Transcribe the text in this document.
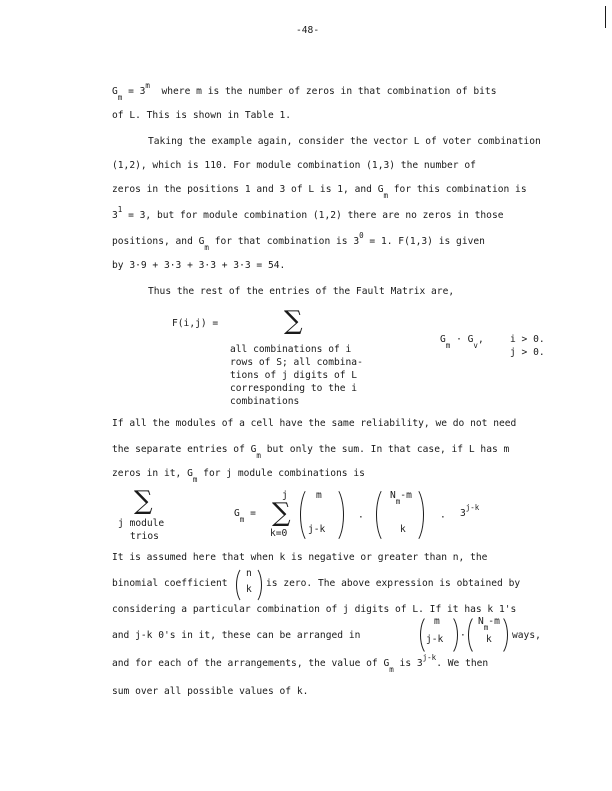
-48-
$G_m = 3^m$  where m is the number of zeros in that combination of bits
of L. This is shown in Table 1.
Taking the example again, consider the vector L of voter combination
(1,2), which is 110. For module combination (1,3) the number of
zeros in the positions 1 and 3 of L is 1, and $G_m$ for this combination is
$3^1 = 3$, but for module combination (1,2) there are no zeros in those
positions, and $G_m$ for that combination is $3^0 = 1$. F(1,3) is given
by 3·9 + 3·3 + 3·3 + 3·3 = 54.
Thus the rest of the entries of the Fault Matrix are,
F(i,j) =	∑
all combinations of i
rows of S; all combina-
tions of j digits of L
corresponding to the i
combinations
$G_m \cdot G_v$,	i > 0.
j > 0.
If all the modules of a cell have the same reliability, we do not need
the separate entries of $G_m$ but only the sum. In that case, if L has m
zeros in it, $G_m$ for j module combinations is
∑
j module
trios
$G_m$ =
j
∑
k=0
m
j-k
·
$N_m-m$
k
· $3^{j-k}$
It is assumed here that when k is negative or greater than n, the
binomial coefficient
n
k
is zero. The above expression is obtained by
considering a particular combination of j digits of L. If it has k 1's
and j-k 0's in it, these can be arranged in
m
j-k ·
$N_m-m$
k ways,
and for each of the arrangements, the value of $G_m$ is 3$^{j-k}$. We then
sum over all possible values of k.
